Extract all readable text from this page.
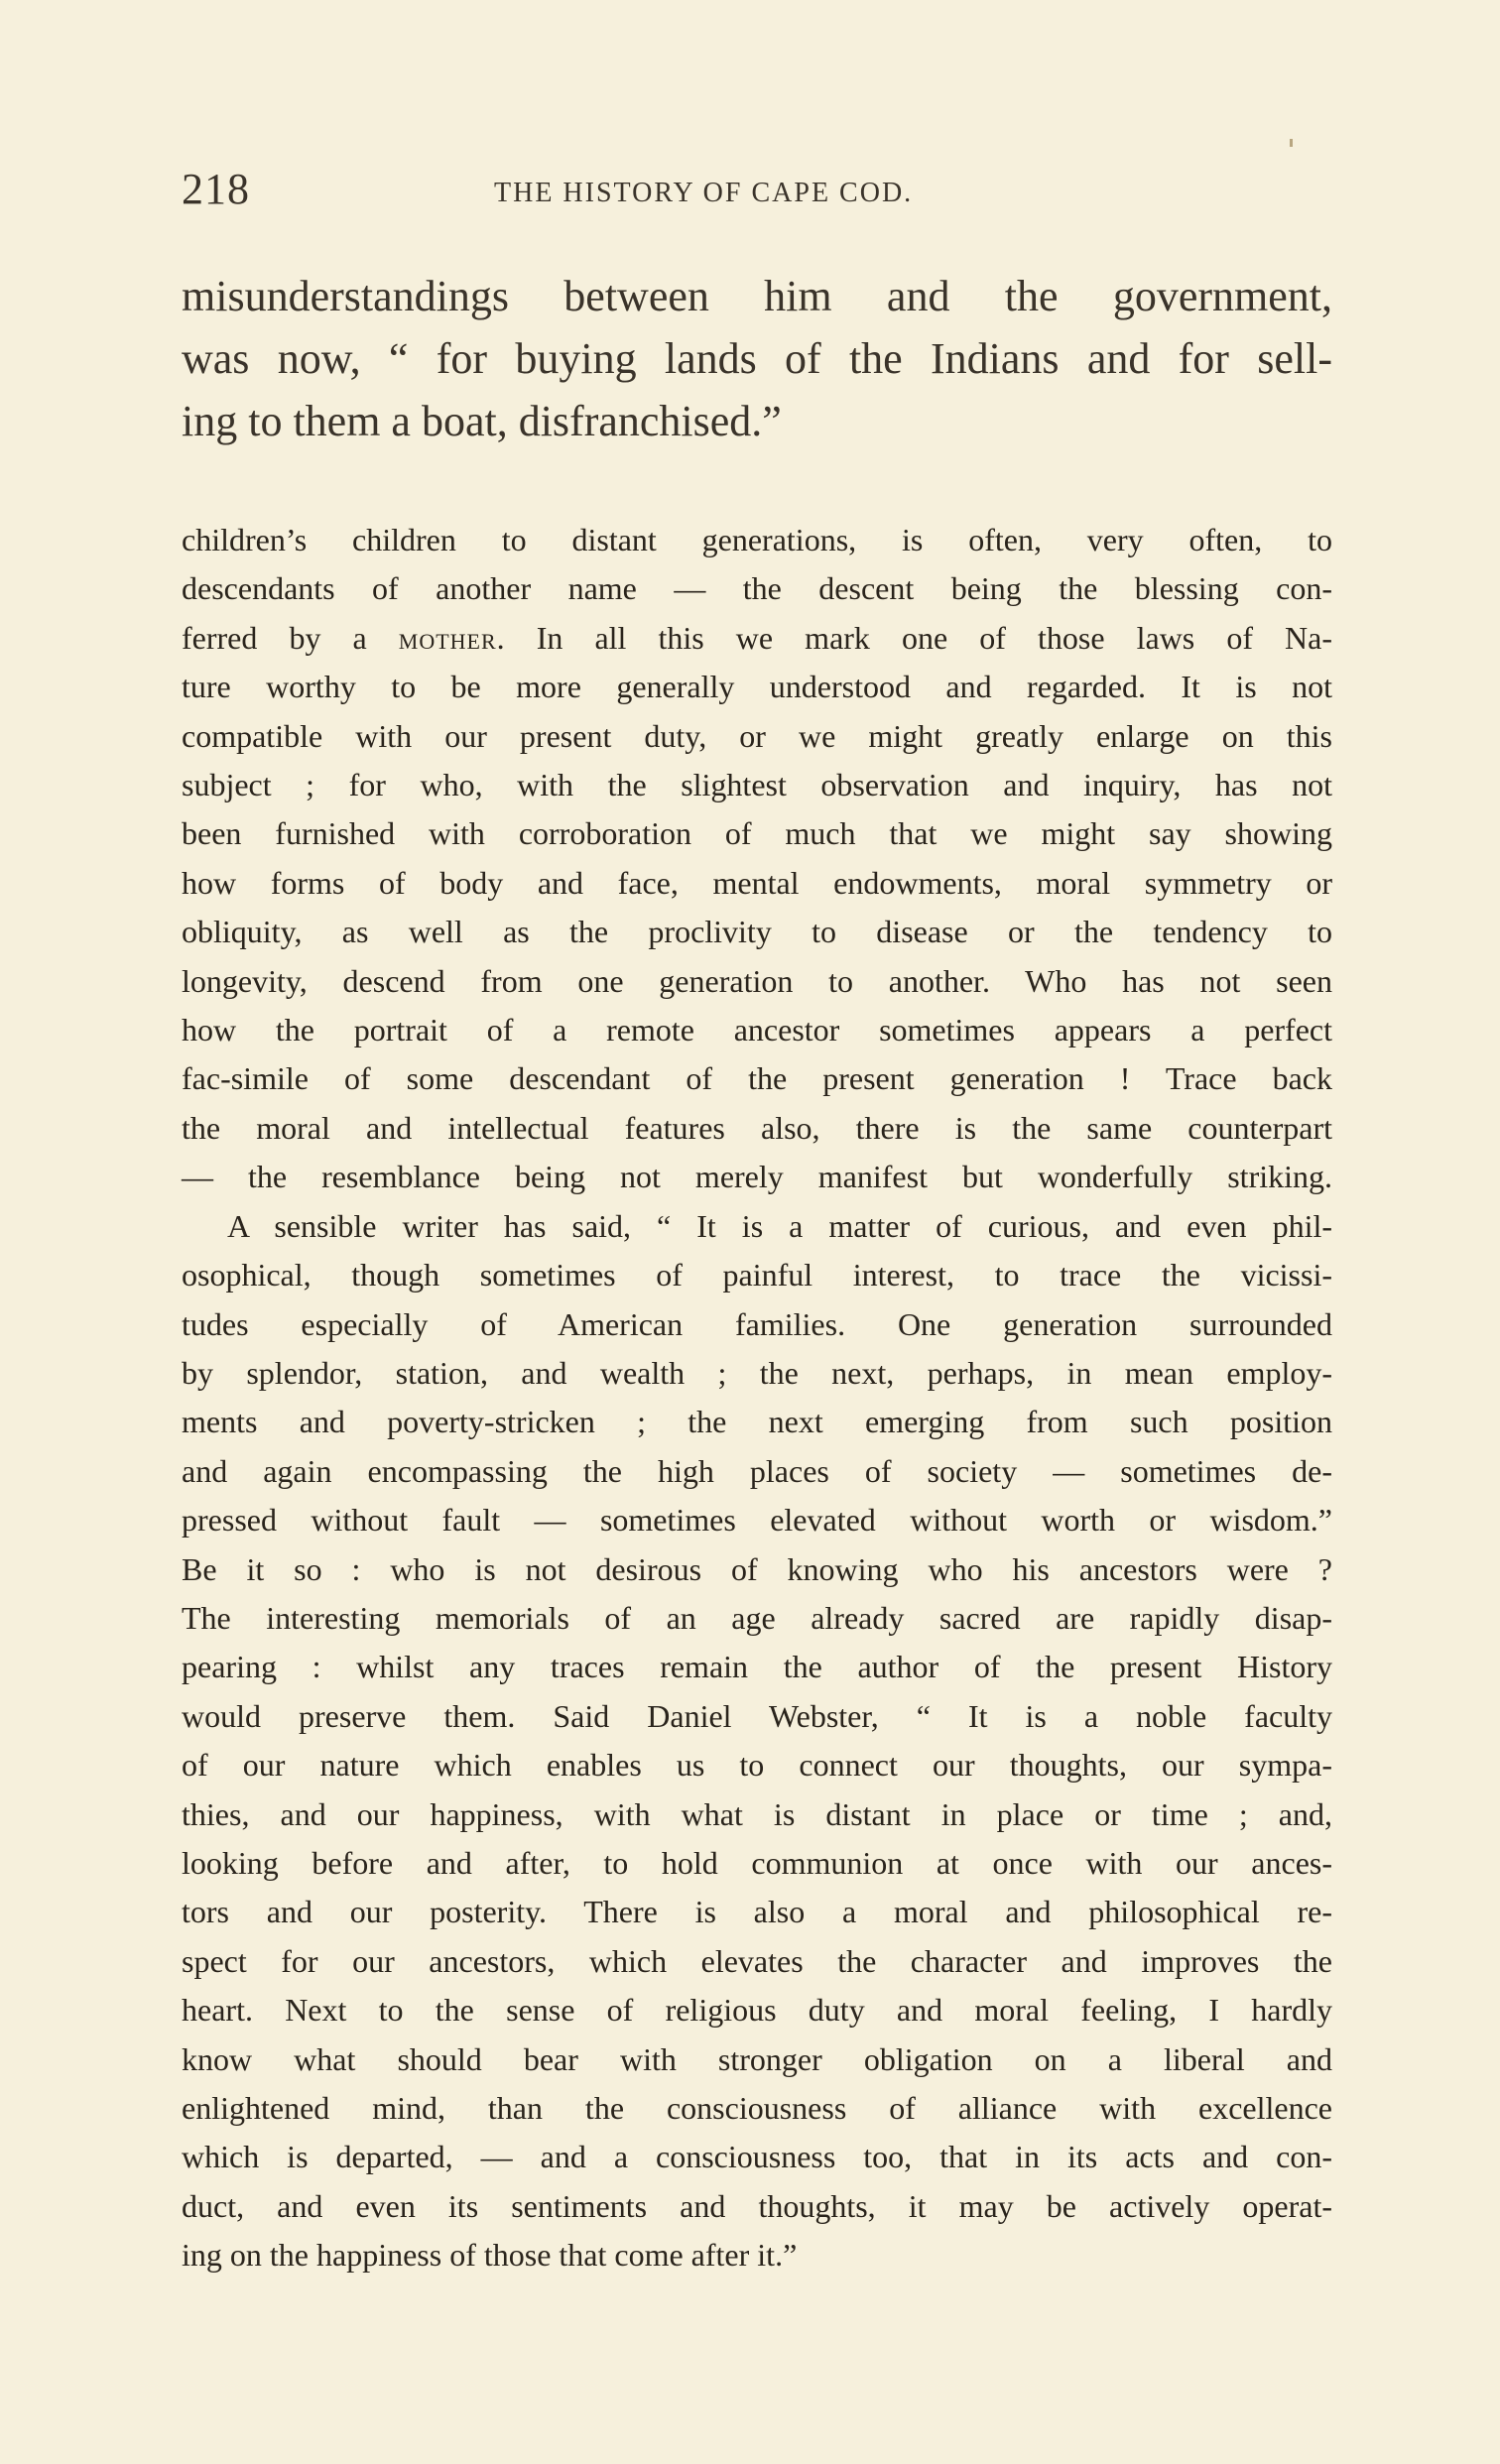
218	THE HISTORY OF CAPE COD.
misunderstandings between him and the government,
was now, “ for buying lands of the Indians and for sell-
ing to them a boat, disfranchised.”
children’s children to distant generations, is often, very often, to
descendants of another name — the descent being the blessing con-
ferred by a mother. In all this we mark one of those laws of Na-
ture worthy to be more generally understood and regarded. It is not
compatible with our present duty, or we might greatly enlarge on this
subject ; for who, with the slightest observation and inquiry, has not
been furnished with corroboration of much that we might say showing
how forms of body and face, mental endowments, moral symmetry or
obliquity, as well as the proclivity to disease or the tendency to
longevity, descend from one generation to another. Who has not seen
how the portrait of a remote ancestor sometimes appears a perfect
fac-simile of some descendant of the present generation ! Trace back
the moral and intellectual features also, there is the same counterpart
— the resemblance being not merely manifest but wonderfully striking.
A sensible writer has said, “ It is a matter of curious, and even phil-
osophical, though sometimes of painful interest, to trace the vicissi-
tudes especially of American families. One generation surrounded
by splendor, station, and wealth ; the next, perhaps, in mean employ-
ments and poverty-stricken ; the next emerging from such position
and again encompassing the high places of society — sometimes de-
pressed without fault — sometimes elevated without worth or wisdom.”
Be it so : who is not desirous of knowing who his ancestors were ?
The interesting memorials of an age already sacred are rapidly disap-
pearing : whilst any traces remain the author of the present History
would preserve them. Said Daniel Webster, “ It is a noble faculty
of our nature which enables us to connect our thoughts, our sympa-
thies, and our happiness, with what is distant in place or time ; and,
looking before and after, to hold communion at once with our ances-
tors and our posterity. There is also a moral and philosophical re-
spect for our ancestors, which elevates the character and improves the
heart. Next to the sense of religious duty and moral feeling, I hardly
know what should bear with stronger obligation on a liberal and
enlightened mind, than the consciousness of alliance with excellence
which is departed, — and a consciousness too, that in its acts and con-
duct, and even its sentiments and thoughts, it may be actively operat-
ing on the happiness of those that come after it.”
